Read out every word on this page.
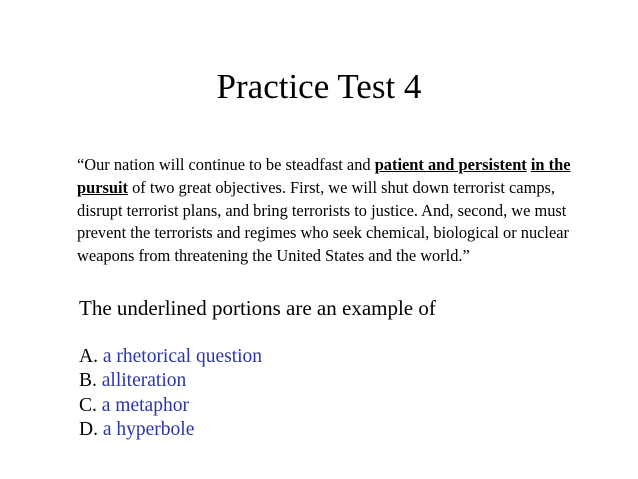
Practice Test 4
“Our nation will continue to be steadfast and patient and persistent in the pursuit of two great objectives. First, we will shut down terrorist camps, disrupt terrorist plans, and bring terrorists to justice. And, second, we must prevent the terrorists and regimes who seek chemical, biological or nuclear weapons from threatening the United States and the world.”
The underlined portions are an example of
A. a rhetorical question
B. alliteration
C. a metaphor
D. a hyperbole
